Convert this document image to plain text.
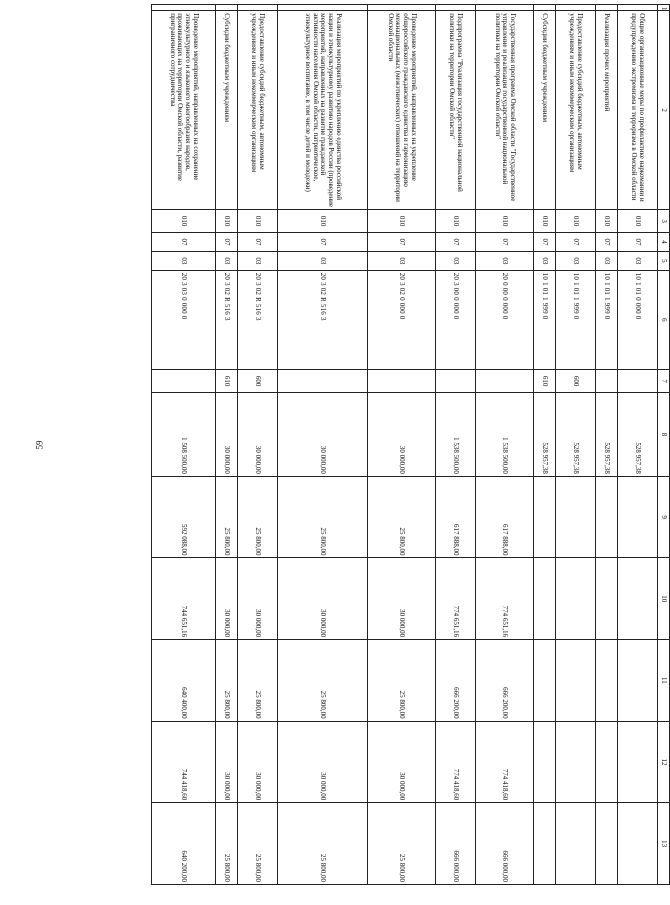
59
1	2	3	4	5	6	7	8	9	10	11	12	13
	Общие организационные меры по профилактике наркомании и предупреждению экстремизма и терроризма в Омской области	010	07	03	10 1 01 0 000 0		528 957,38					
	Реализация прочих мероприятий	010	07	03	10 1 01 1 999 0		528 957,38					
	Предоставление субсидий бюджетным, автономным учреждениям и иным некоммерческим организациям	010	07	03	10 1 01 1 999 0	600	528 957,38					
	Субсидии бюджетным учреждениям	010	07	03	10 1 01 1 999 0	610	528 957,38					
	Государственная программа Омской области "Государственное управление и реализация государственной национальной политики на территории Омской области"	010	07	03	20 0 00 0 000 0		1 538 500,00	617 888,00	774 651,16	666 200,00	774 418,60	666 000,00
	Подпрограмма "Реализация государственной национальной политики на территории Омской области"	010	07	03	20 3 00 0 000 0		1 538 500,00	617 888,00	774 651,16	666 200,00	774 418,60	666 000,00
	Проведение мероприятий, направленных на укрепление общероссийского гражданского единства и гармонизацию межнациональных (межэтнических) отношений на территории Омской области	010	07	03	20 3 02 0 000 0		30 000,00	25 800,00	30 000,00	25 800,00	30 000,00	25 800,00
	Реализация мероприятий по укреплению единства российской нации и этнокультурному развитию народов России (проведение мероприятий, направленных на развитие гражданской активности населения Омской области, патриотическое, этнокультурное воспитание, в том числе детей и молодежи)	010	07	03	20 3 02 R 516 3		30 000,00	25 800,00	30 000,00	25 800,00	30 000,00	25 800,00
	Предоставление субсидий бюджетным, автономным учреждениям и иным некоммерческим организациям	010	07	03	20 3 02 R 516 3	600	30 000,00	25 800,00	30 000,00	25 800,00	30 000,00	25 800,00
	Субсидии бюджетным учреждениям	010	07	03	20 3 02 R 516 3	610	30 000,00	25 800,00	30 000,00	25 800,00	30 000,00	25 800,00
	Проведение мероприятий, направленных на сохранение этнокультурного и языкового многообразия народов, проживающих на территории Омской области, развитие приграничного сотрудничества	010	07	03	20 3 03 0 000 0		1 508 500,00	592 088,00	744 651,16	640 400,00	744 418,60	640 200,00
